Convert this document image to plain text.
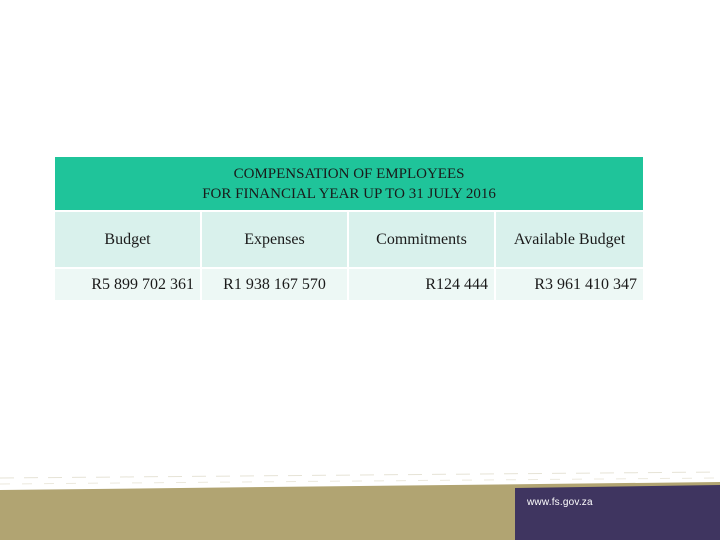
COMPENSATION OF EMPLOYEES
FOR FINANCIAL YEAR UP TO 31 JULY 2016			

Budget	Expenses	Commitments	Available Budget
R5 899 702 361	R1 938 167 570	R124 444	R3 961 410 347
www.fs.gov.za
